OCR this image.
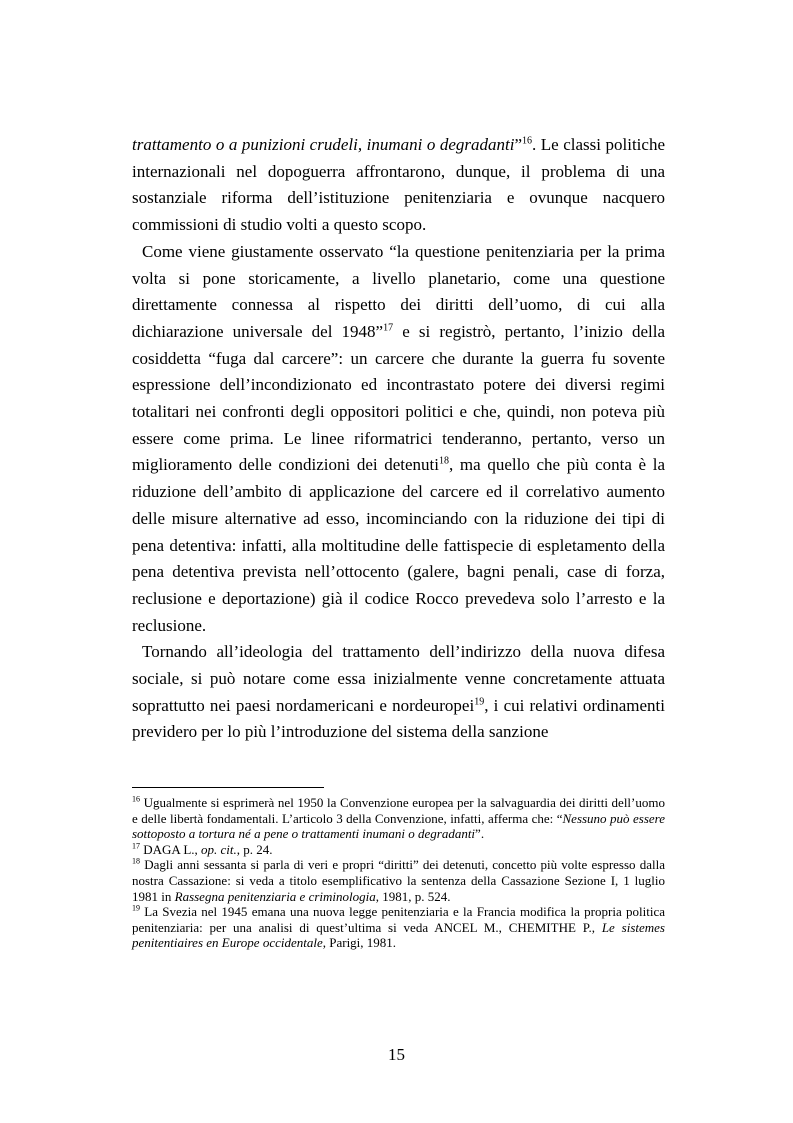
trattamento o a punizioni crudeli, inumani o degradanti”$^{16}$. Le classi politiche internazionali nel dopoguerra affrontarono, dunque, il problema di una sostanziale riforma dell’istituzione penitenziaria e ovunque nacquero commissioni di studio volti a questo scopo.

Come viene giustamente osservato “la questione penitenziaria per la prima volta si pone storicamente, a livello planetario, come una questione direttamente connessa al rispetto dei diritti dell’uomo, di cui alla dichiarazione universale del 1948”$^{17}$ e si registrò, pertanto, l’inizio della cosiddetta “fuga dal carcere”: un carcere che durante la guerra fu sovente espressione dell’incondizionato ed incontrastato potere dei diversi regimi totalitari nei confronti degli oppositori politici e che, quindi, non poteva più essere come prima. Le linee riformatrici tenderanno, pertanto, verso un miglioramento delle condizioni dei detenuti$^{18}$, ma quello che più conta è la riduzione dell’ambito di applicazione del carcere ed il correlativo aumento delle misure alternative ad esso, incominciando con la riduzione dei tipi di pena detentiva: infatti, alla moltitudine delle fattispecie di espletamento della pena detentiva prevista nell’ottocento (galere, bagni penali, case di forza, reclusione e deportazione) già il codice Rocco prevedeva solo l’arresto e la reclusione.

Tornando all’ideologia del trattamento dell’indirizzo della nuova difesa sociale, si può notare come essa inizialmente venne concretamente attuata soprattutto nei paesi nordamericani e nordeuropei$^{19}$, i cui relativi ordinamenti previdero per lo più l’introduzione del sistema della sanzione

$^{16}$ Ugualmente si esprimerà nel 1950 la Convenzione europea per la salvaguardia dei diritti dell’uomo e delle libertà fondamentali. L’articolo 3 della Convenzione, infatti, afferma che: “Nessuno può essere sottoposto a tortura né a pene o trattamenti inumani o degradanti”.

$^{17}$ DAGA L., op. cit., p. 24.

$^{18}$ Dagli anni sessanta si parla di veri e propri “diritti” dei detenuti, concetto più volte espresso dalla nostra Cassazione: si veda a titolo esemplificativo la sentenza della Cassazione Sezione I, 1 luglio 1981 in Rassegna penitenziaria e criminologia, 1981, p. 524.

$^{19}$ La Svezia nel 1945 emana una nuova legge penitenziaria e la Francia modifica la propria politica penitenziaria: per una analisi di quest’ultima si veda ANCEL M., CHEMITHE P., Le sistemes penitentiaires en Europe occidentale, Parigi, 1981.

15
